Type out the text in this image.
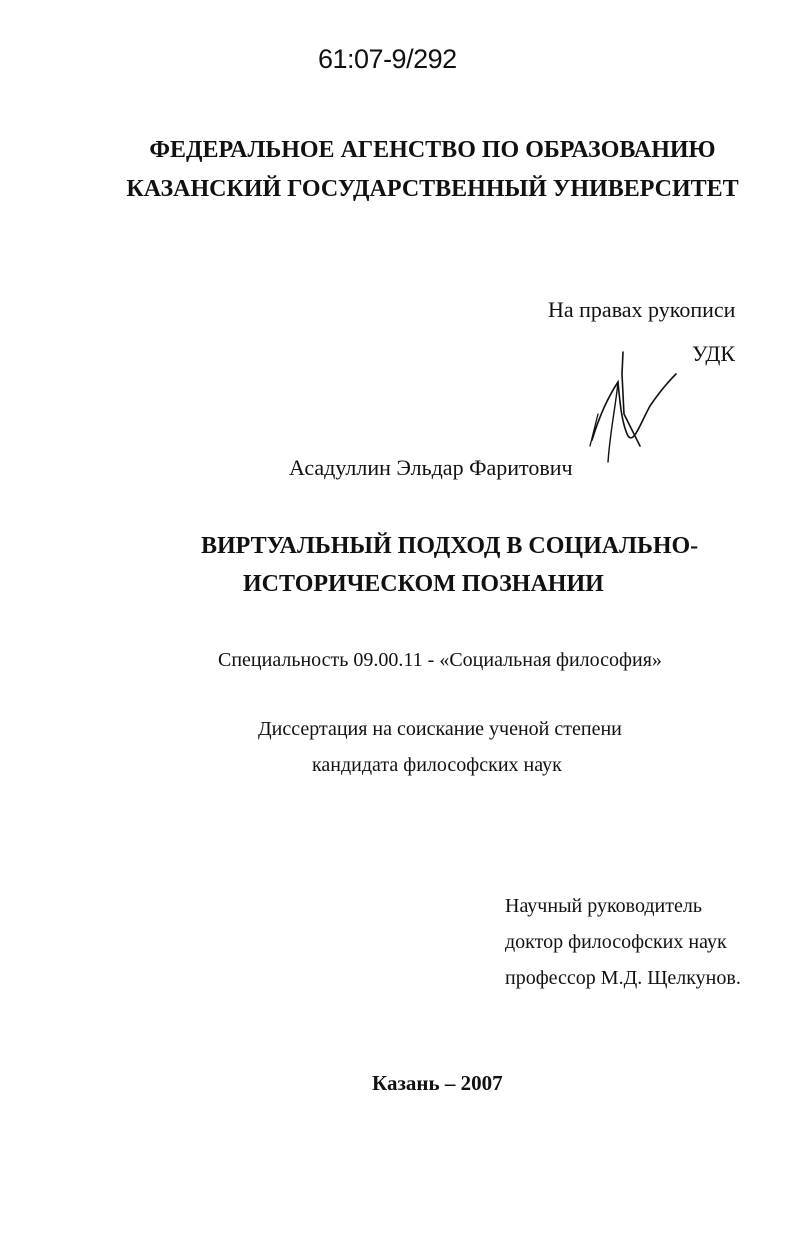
61:07-9/292
ФЕДЕРАЛЬНОЕ АГЕНСТВО ПО ОБРАЗОВАНИЮ
КАЗАНСКИЙ ГОСУДАРСТВЕННЫЙ УНИВЕРСИТЕТ
На правах рукописи
УДК
Асадуллин Эльдар Фаритович
ВИРТУАЛЬНЫЙ ПОДХОД В СОЦИАЛЬНО-
ИСТОРИЧЕСКОМ ПОЗНАНИИ
Специальность 09.00.11 - «Социальная философия»
Диссертация на соискание ученой степени
кандидата философских наук
Научный руководитель
доктор философских наук
профессор М.Д. Щелкунов.
Казань – 2007
